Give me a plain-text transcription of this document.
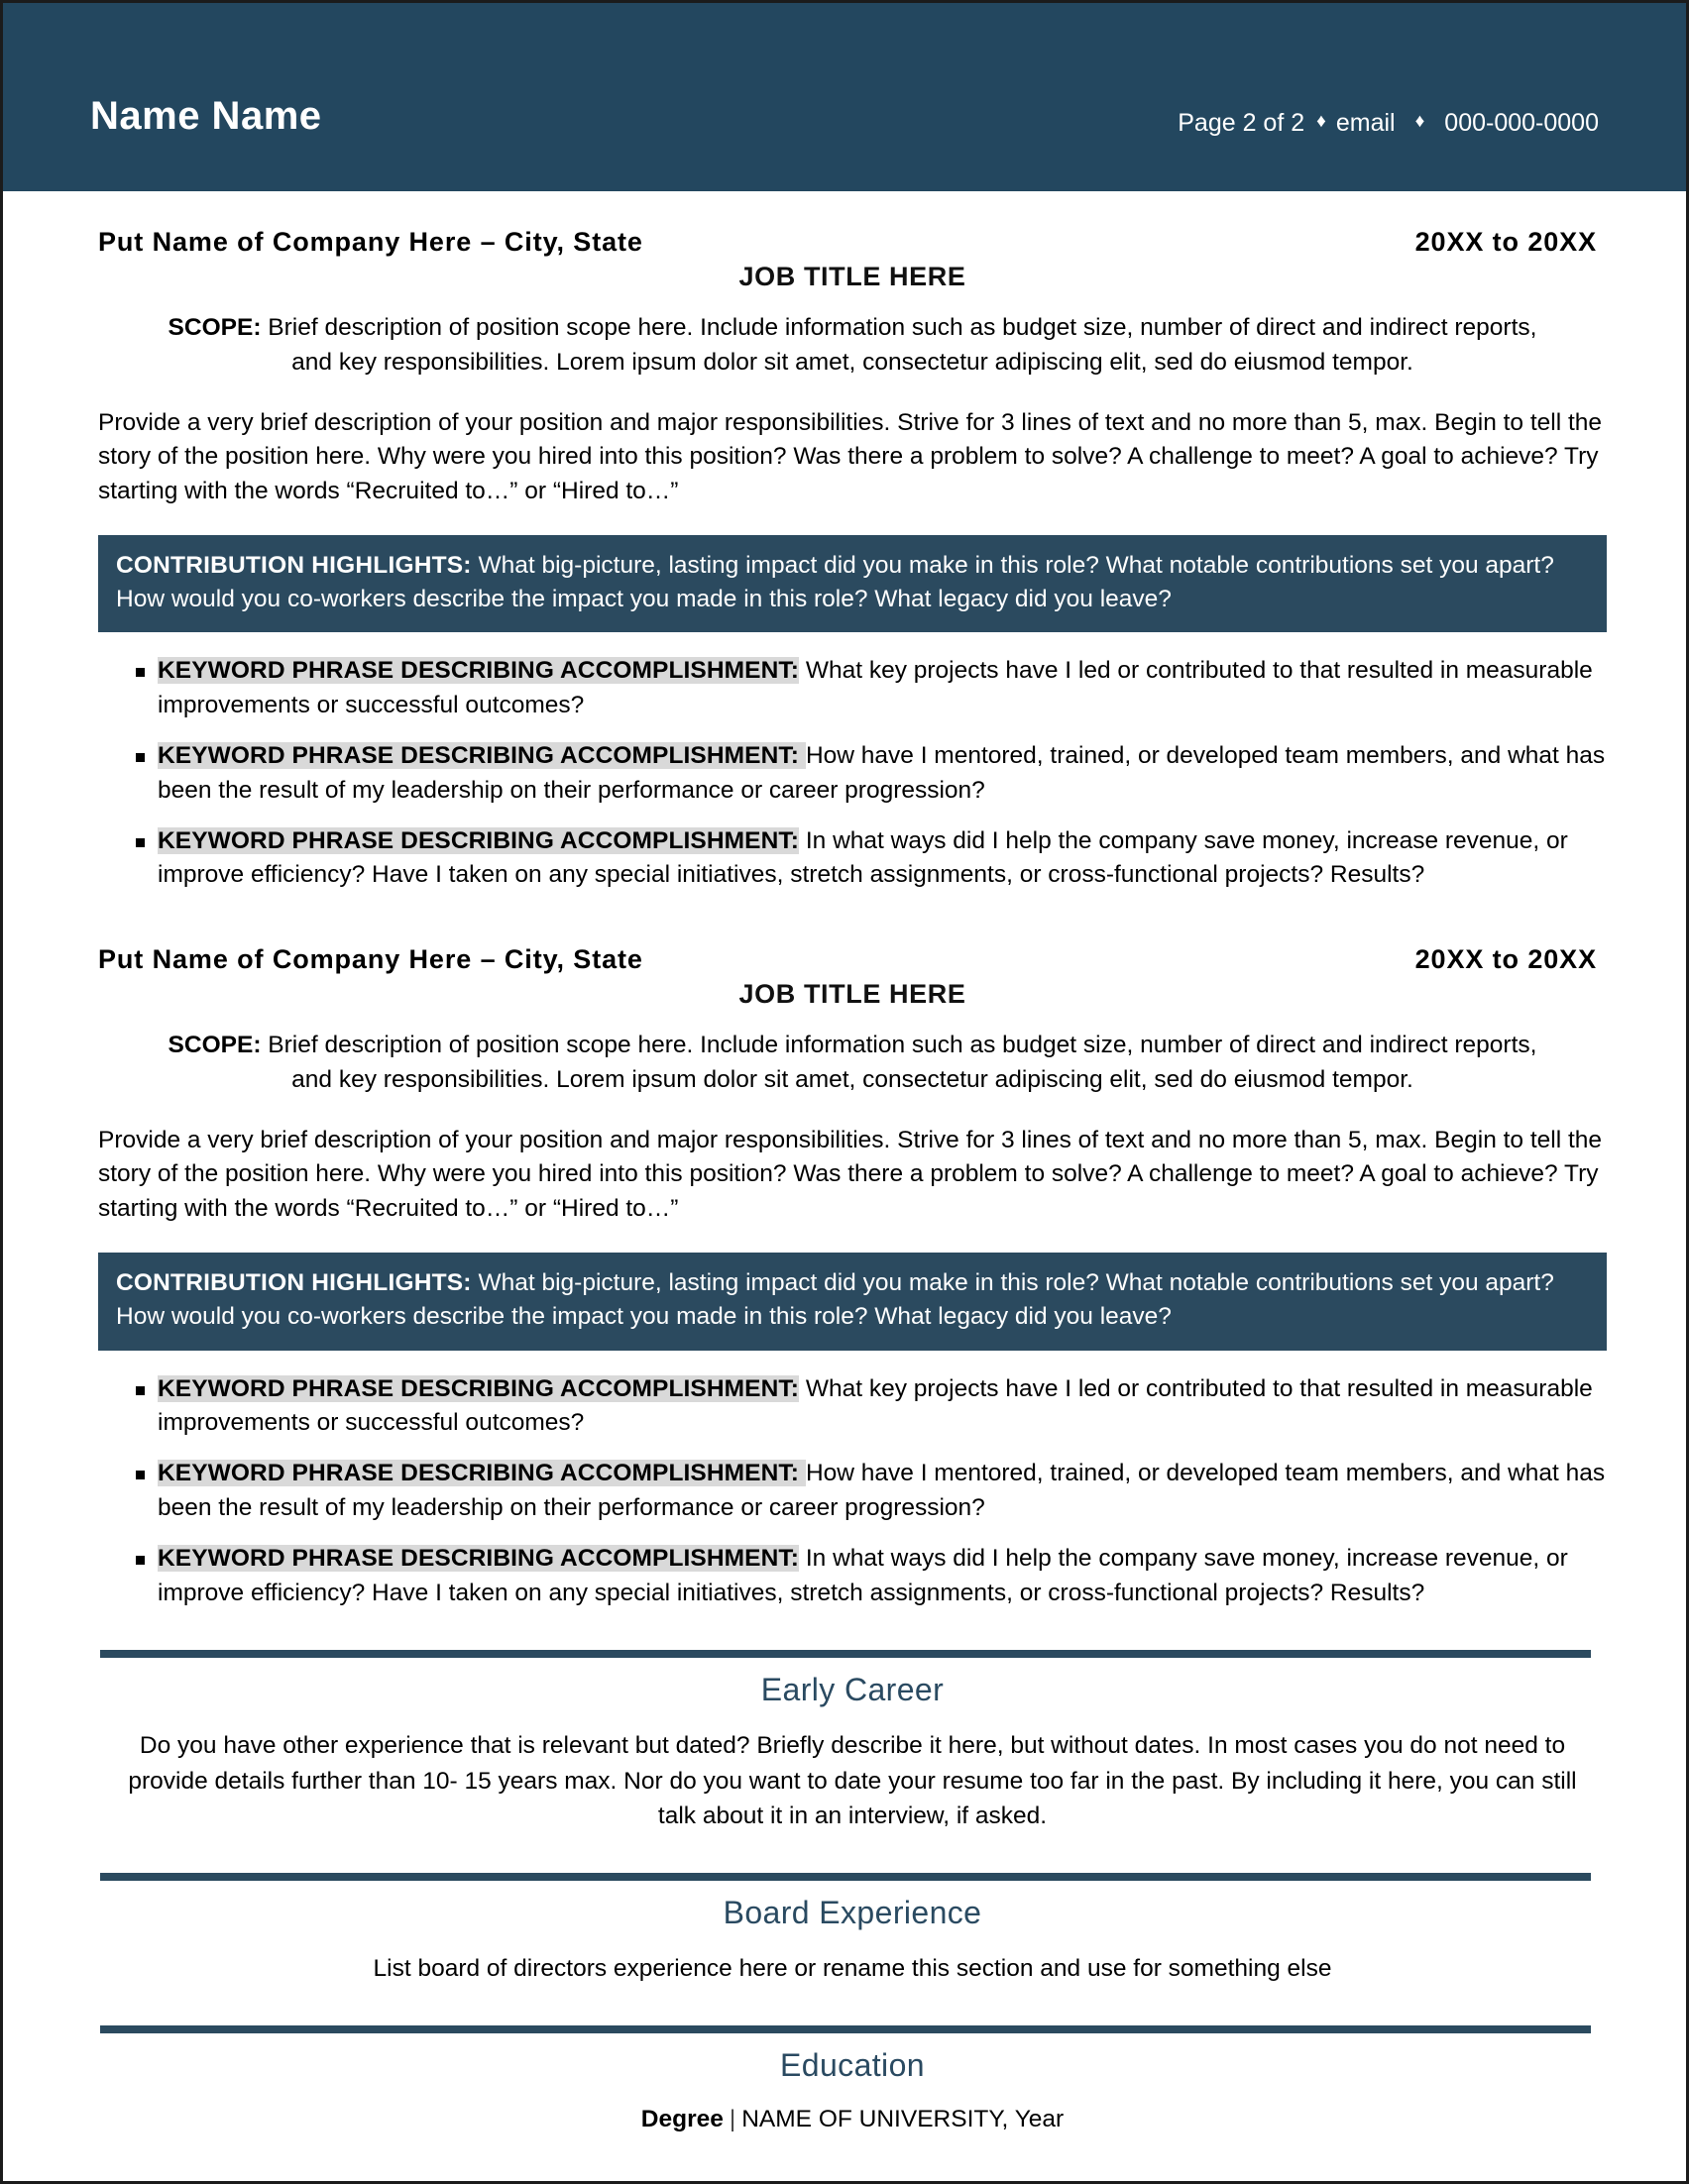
Name Name	Page 2 of 2 ♦ email ♦ 000-000-0000
Put Name of Company Here – City, State	20XX to 20XX
JOB TITLE HERE
SCOPE: Brief description of position scope here. Include information such as budget size, number of direct and indirect reports, and key responsibilities. Lorem ipsum dolor sit amet, consectetur adipiscing elit, sed do eiusmod tempor.
Provide a very brief description of your position and major responsibilities. Strive for 3 lines of text and no more than 5, max. Begin to tell the story of the position here. Why were you hired into this position? Was there a problem to solve? A challenge to meet? A goal to achieve? Try starting with the words “Recruited to…” or “Hired to…”
CONTRIBUTION HIGHLIGHTS: What big-picture, lasting impact did you make in this role? What notable contributions set you apart? How would you co-workers describe the impact you made in this role? What legacy did you leave?
KEYWORD PHRASE DESCRIBING ACCOMPLISHMENT: What key projects have I led or contributed to that resulted in measurable improvements or successful outcomes?
KEYWORD PHRASE DESCRIBING ACCOMPLISHMENT: How have I mentored, trained, or developed team members, and what has been the result of my leadership on their performance or career progression?
KEYWORD PHRASE DESCRIBING ACCOMPLISHMENT: In what ways did I help the company save money, increase revenue, or improve efficiency? Have I taken on any special initiatives, stretch assignments, or cross-functional projects? Results?
Put Name of Company Here – City, State	20XX to 20XX
JOB TITLE HERE
SCOPE: Brief description of position scope here. Include information such as budget size, number of direct and indirect reports, and key responsibilities. Lorem ipsum dolor sit amet, consectetur adipiscing elit, sed do eiusmod tempor.
Provide a very brief description of your position and major responsibilities. Strive for 3 lines of text and no more than 5, max. Begin to tell the story of the position here. Why were you hired into this position? Was there a problem to solve? A challenge to meet? A goal to achieve? Try starting with the words “Recruited to…” or “Hired to…”
CONTRIBUTION HIGHLIGHTS: What big-picture, lasting impact did you make in this role? What notable contributions set you apart? How would you co-workers describe the impact you made in this role? What legacy did you leave?
KEYWORD PHRASE DESCRIBING ACCOMPLISHMENT: What key projects have I led or contributed to that resulted in measurable improvements or successful outcomes?
KEYWORD PHRASE DESCRIBING ACCOMPLISHMENT: How have I mentored, trained, or developed team members, and what has been the result of my leadership on their performance or career progression?
KEYWORD PHRASE DESCRIBING ACCOMPLISHMENT: In what ways did I help the company save money, increase revenue, or improve efficiency? Have I taken on any special initiatives, stretch assignments, or cross-functional projects? Results?
Early Career
Do you have other experience that is relevant but dated? Briefly describe it here, but without dates. In most cases you do not need to provide details further than 10- 15 years max. Nor do you want to date your resume too far in the past. By including it here, you can still talk about it in an interview, if asked.
Board Experience
List board of directors experience here or rename this section and use for something else
Education
Degree | NAME OF UNIVERSITY, Year
